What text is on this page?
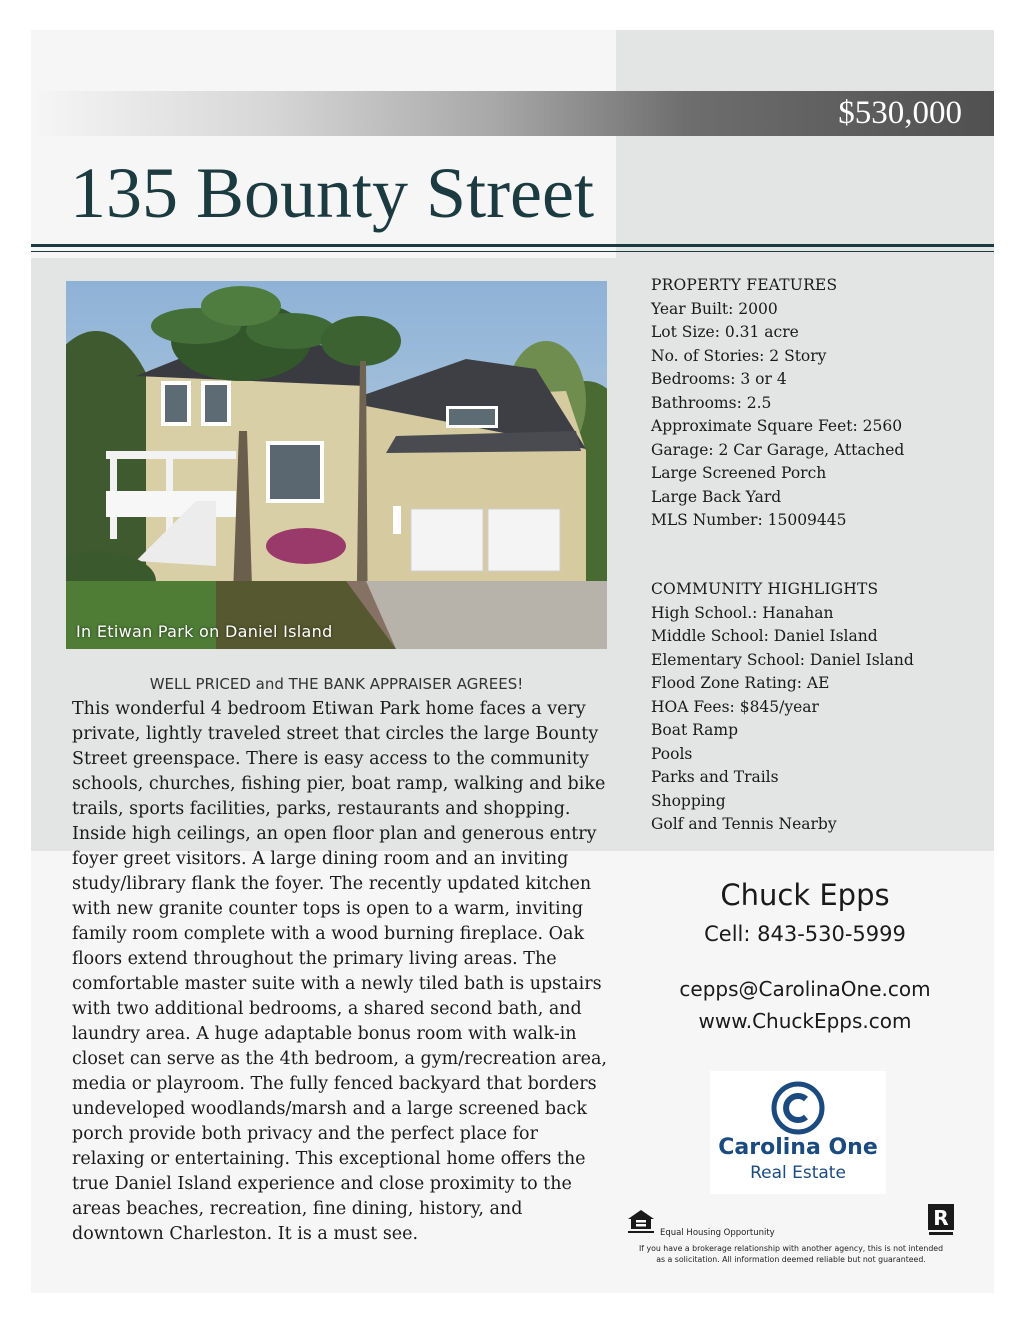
$530,000
135 Bounty Street
In Etiwan Park on Daniel Island
WELL PRICED and THE BANK APPRAISER AGREES!
This wonderful 4 bedroom Etiwan Park home faces a very private, lightly traveled street that circles the large Bounty Street greenspace. There is easy access to the community schools, churches, fishing pier, boat ramp, walking and bike trails, sports facilities, parks, restaurants and shopping. Inside high ceilings, an open floor plan and generous entry foyer greet visitors. A large dining room and an inviting study/library flank the foyer. The recently updated kitchen with new granite counter tops is open to a warm, inviting family room complete with a wood burning fireplace. Oak floors extend throughout the primary living areas. The comfortable master suite with a newly tiled bath is upstairs with two additional bedrooms, a shared second bath, and laundry area. A huge adaptable bonus room with walk-in closet can serve as the 4th bedroom, a gym/recreation area, media or playroom. The fully fenced backyard that borders undeveloped woodlands/marsh and a large screened back porch provide both privacy and the perfect place for relaxing or entertaining. This exceptional home offers the true Daniel Island experience and close proximity to the areas beaches, recreation, fine dining, history, and downtown Charleston. It is a must see.
PROPERTY FEATURES
Year Built: 2000
Lot Size: 0.31 acre
No. of Stories: 2 Story
Bedrooms: 3 or 4
Bathrooms: 2.5
Approximate Square Feet: 2560
Garage: 2 Car Garage, Attached
Large Screened Porch
Large Back Yard
MLS Number: 15009445
COMMUNITY HIGHLIGHTS
High School.: Hanahan
Middle School: Daniel Island
Elementary School: Daniel Island
Flood Zone Rating: AE
HOA Fees: $845/year
Boat Ramp
Pools
Parks and Trails
Shopping
Golf and Tennis Nearby
Chuck Epps
Cell: 843-530-5999
cepps@CarolinaOne.com
www.ChuckEpps.com
Carolina One
Real Estate
Equal Housing Opportunity
R
If you have a brokerage relationship with another agency, this is not intended as a solicitation. All information deemed reliable but not guaranteed.
